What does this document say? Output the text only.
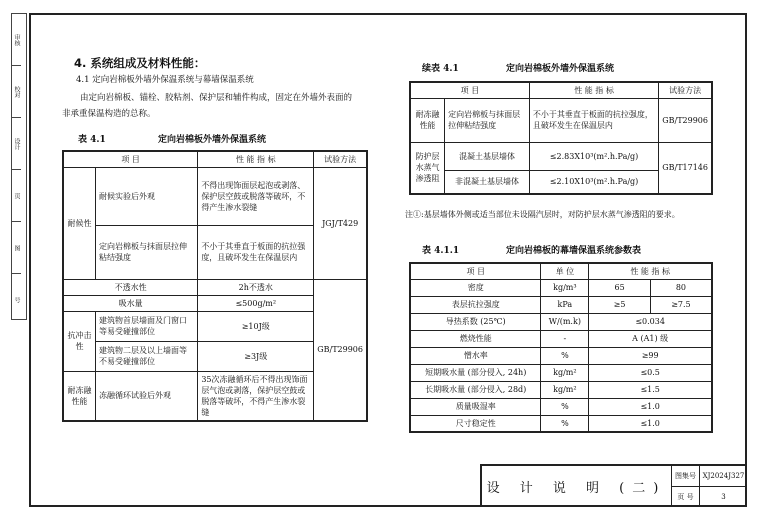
审核
校对
设计
页
图
号
4. 系统组成及材料性能：
4.1 定向岩棉板外墙外保温系统与幕墙保温系统
由定向岩棉板、锚栓、胶粘剂、保护层和辅件构成，固定在外墙外表面的
非承重保温构造的总称。
表 4.1	定向岩棉板外墙外保温系统
项 目		性 能 指 标	试验方法
耐候性	耐候实验后外观	不得出现饰面层起泡或剥落、保护层空鼓或脱落等破坏，不得产生渗水裂缝	JGJ/T429
	定向岩棉板与抹面层拉伸粘结强度	不小于其垂直于板面的抗拉强度，且破坏发生在保温层内	
不透水性		2h不透水	GB/T29906
吸水量		≤500g/m²	
抗冲击性	建筑物首层墙面及门窗口等易受碰撞部位	≥10J级	
	建筑物二层及以上墙面等不易受碰撞部位	≥3J级	
耐冻融性能	冻融循环试验后外观	35次冻融循环后不得出现饰面层气泡或剥落，保护层空鼓或脱落等破坏，不得产生渗水裂缝	
续表 4.1	定向岩棉板外墙外保温系统
项 目		性 能 指 标	试验方法
耐冻融性能	定向岩棉板与抹面层拉伸粘结强度	不小于其垂直于板面的抗拉强度，且破坏发生在保温层内	GB/T29906
防护层水蒸气渗透阻	混凝土基层墙体	≤2.83X10³(m².h.Pa/g)	GB/T17146
	非混凝土基层墙体	≤2.10X10³(m².h.Pa/g)	
注①:基层墙体外侧或适当部位未设隔汽层时，对防护层水蒸气渗透阻的要求。
表 4.1.1	定向岩棉板的幕墙保温系统参数表
项 目	单 位	性 能 指 标	
密度	kg/m³	65	80
表层抗拉强度	kPa	≥5	≥7.5
导热系数 (25℃)	W/(m.k)	≤0.034	
燃烧性能	-	A (A1) 级	
憎水率	%	≥99	
短期吸水量 (部分侵入, 24h)	kg/m²	≤0.5	
长期吸水量 (部分侵入, 28d)	kg/m²	≤1.5	
质量吸湿率	%	≤1.0	
尺寸稳定性	%	≤1.0	
设 计 说 明 (二)
图集号 XJ2024J327
页 号	3
